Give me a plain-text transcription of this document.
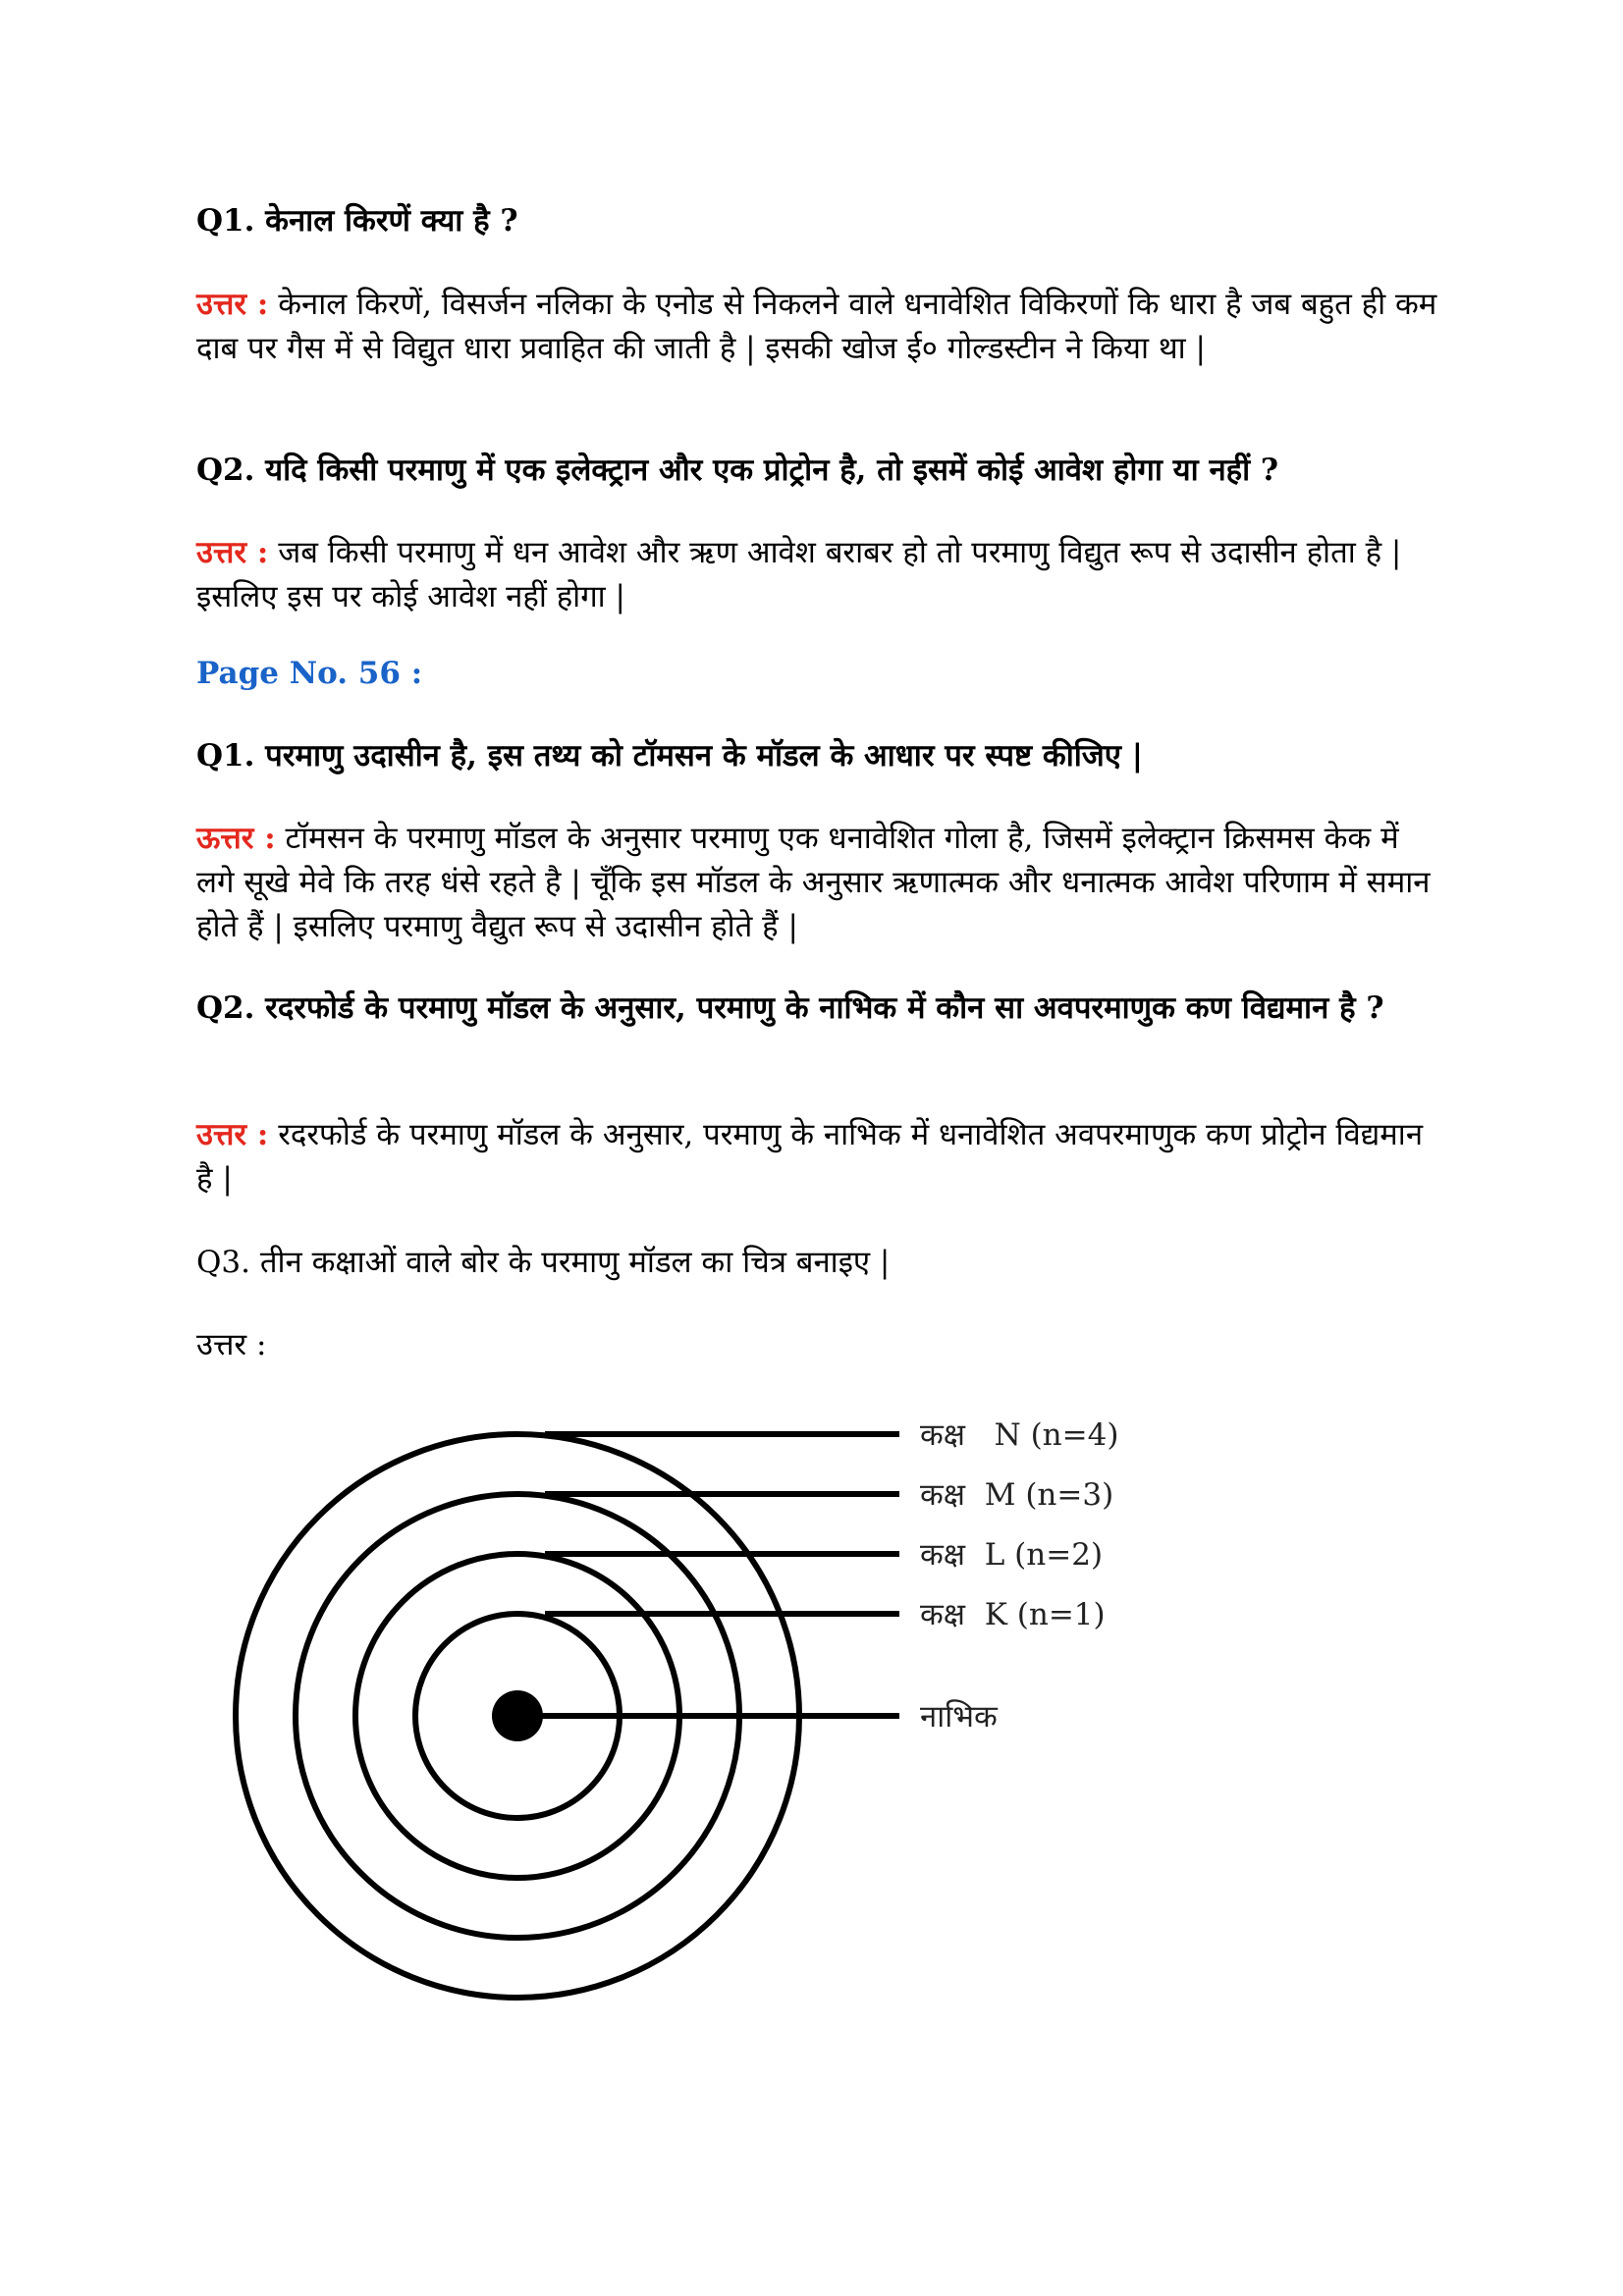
Q1. केनाल किरणें क्या है ?

उत्तर : केनाल किरणें, विसर्जन नलिका के एनोड से निकलने वाले धनावेशित विकिरणों कि धारा है जब बहुत ही कम दाब पर गैस में से विद्युत धारा प्रवाहित की जाती है | इसकी खोज ई० गोल्डस्टीन ने किया था |

Q2. यदि किसी परमाणु में एक इलेक्ट्रान और एक प्रोट्रोन है, तो इसमें कोई आवेश होगा या नहीं ?

उत्तर : जब किसी परमाणु में धन आवेश और ऋण आवेश बराबर हो तो परमाणु विद्युत रूप से उदासीन होता है | इसलिए इस पर कोई आवेश नहीं होगा |

Page No. 56 :

Q1. परमाणु उदासीन है, इस तथ्य को टॉमसन के मॉडल के आधार पर स्पष्ट कीजिए |

ऊत्तर : टॉमसन के परमाणु मॉडल के अनुसार परमाणु एक धनावेशित गोला है, जिसमें इलेक्ट्रान क्रिसमस केक में लगे सूखे मेवे कि तरह धंसे रहते है | चूँकि इस मॉडल के अनुसार ऋणात्मक और धनात्मक आवेश परिणाम में समान होते हैं | इसलिए परमाणु वैद्युत रूप से उदासीन होते हैं |

Q2. रदरफोर्ड के परमाणु मॉडल के अनुसार, परमाणु के नाभिक में कौन सा अवपरमाणुक कण विद्यमान है ?

उत्तर : रदरफोर्ड के परमाणु मॉडल के अनुसार, परमाणु के नाभिक में धनावेशित अवपरमाणुक कण प्रोट्रोन विद्यमान है |

Q3. तीन कक्षाओं वाले बोर के परमाणु मॉडल का चित्र बनाइए |

उत्तर :

कक्ष   N (n=4)
कक्ष  M (n=3)
कक्ष  L (n=2)
कक्ष  K (n=1)
नाभिक
